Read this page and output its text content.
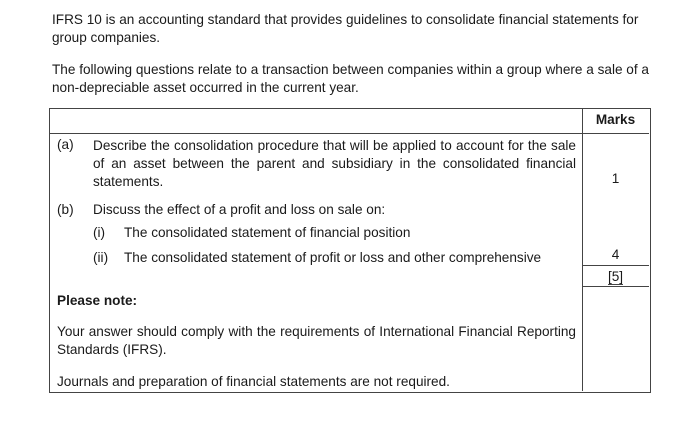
IFRS 10 is an accounting standard that provides guidelines to consolidate financial statements for group companies.
The following questions relate to a transaction between companies within a group where a sale of a non-depreciable asset occurred in the current year.
Marks
(a) Describe the consolidation procedure that will be applied to account for the sale of an asset between the parent and subsidiary in the consolidated financial statements.	1
(b) Discuss the effect of a profit and loss on sale on:
(i) The consolidated statement of financial position
(ii) The consolidated statement of profit or loss and other comprehensive	4
[5]
Please note:
Your answer should comply with the requirements of International Financial Reporting Standards (IFRS).
Journals and preparation of financial statements are not required.
